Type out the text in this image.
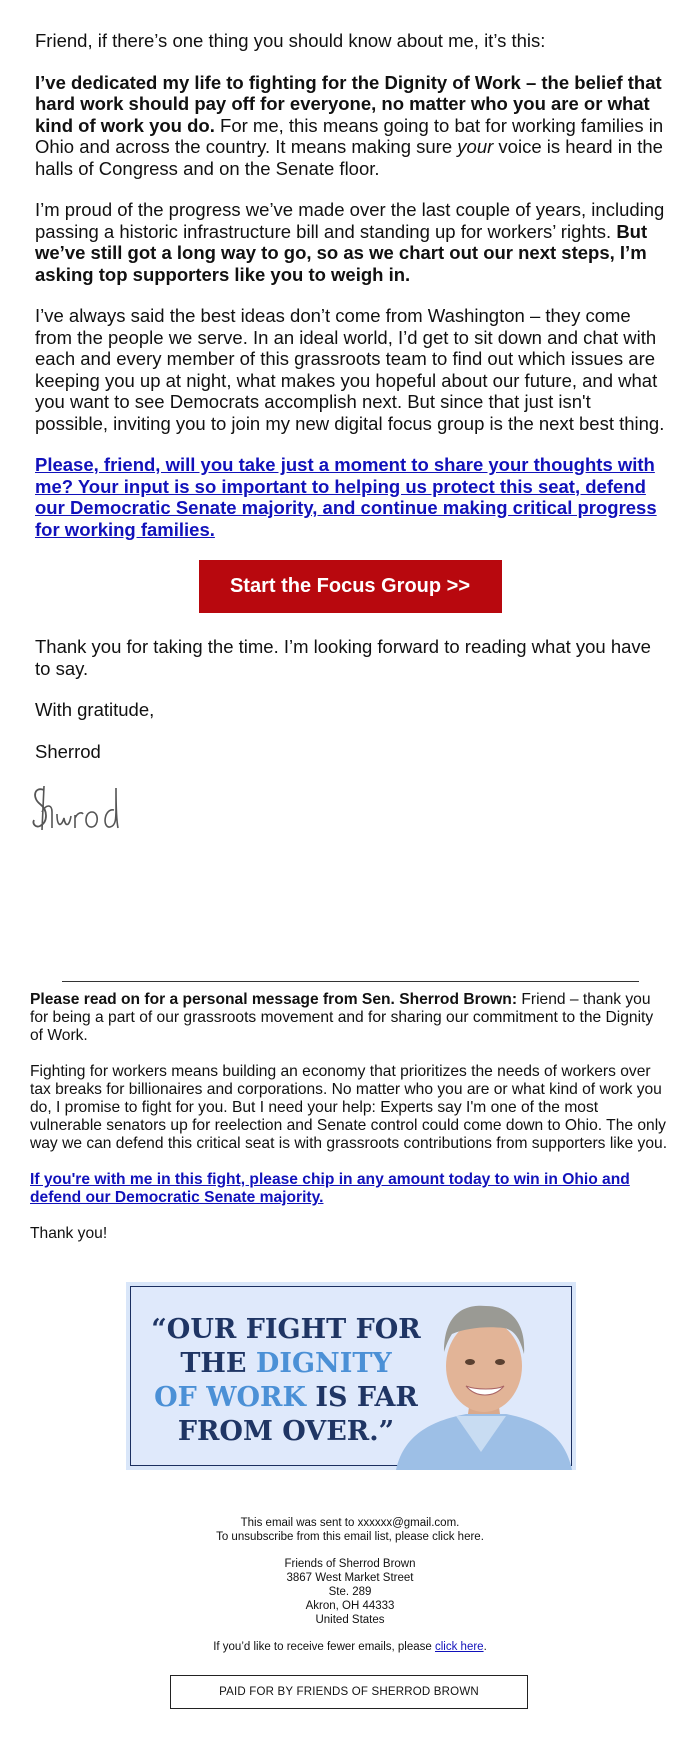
Friend, if there’s one thing you should know about me, it’s this:

I’ve dedicated my life to fighting for the Dignity of Work – the belief that hard work should pay off for everyone, no matter who you are or what kind of work you do. For me, this means going to bat for working families in Ohio and across the country. It means making sure your voice is heard in the halls of Congress and on the Senate floor.

I’m proud of the progress we’ve made over the last couple of years, including passing a historic infrastructure bill and standing up for workers’ rights. But we’ve still got a long way to go, so as we chart out our next steps, I’m asking top supporters like you to weigh in.

I’ve always said the best ideas don’t come from Washington – they come from the people we serve. In an ideal world, I’d get to sit down and chat with each and every member of this grassroots team to find out which issues are keeping you up at night, what makes you hopeful about our future, and what you want to see Democrats accomplish next. But since that just isn't possible, inviting you to join my new digital focus group is the next best thing.

Please, friend, will you take just a moment to share your thoughts with me? Your input is so important to helping us protect this seat, defend our Democratic Senate majority, and continue making critical progress for working families.

Start the Focus Group >>

Thank you for taking the time. I’m looking forward to reading what you have to say.

With gratitude,

Sherrod

Please read on for a personal message from Sen. Sherrod Brown: Friend – thank you for being a part of our grassroots movement and for sharing our commitment to the Dignity of Work.

Fighting for workers means building an economy that prioritizes the needs of workers over tax breaks for billionaires and corporations. No matter who you are or what kind of work you do, I promise to fight for you. But I need your help: Experts say I'm one of the most vulnerable senators up for reelection and Senate control could come down to Ohio. The only way we can defend this critical seat is with grassroots contributions from supporters like you.

If you're with me in this fight, please chip in any amount today to win in Ohio and defend our Democratic Senate majority.

Thank you!

“OUR FIGHT FOR
THE DIGNITY
OF WORK IS FAR
FROM OVER.”

This email was sent to xxxxxx@gmail.com.
To unsubscribe from this email list, please click here.

Friends of Sherrod Brown
3867 West Market Street
Ste. 289
Akron, OH 44333
United States

If you’d like to receive fewer emails, please click here.

PAID FOR BY FRIENDS OF SHERROD BROWN
